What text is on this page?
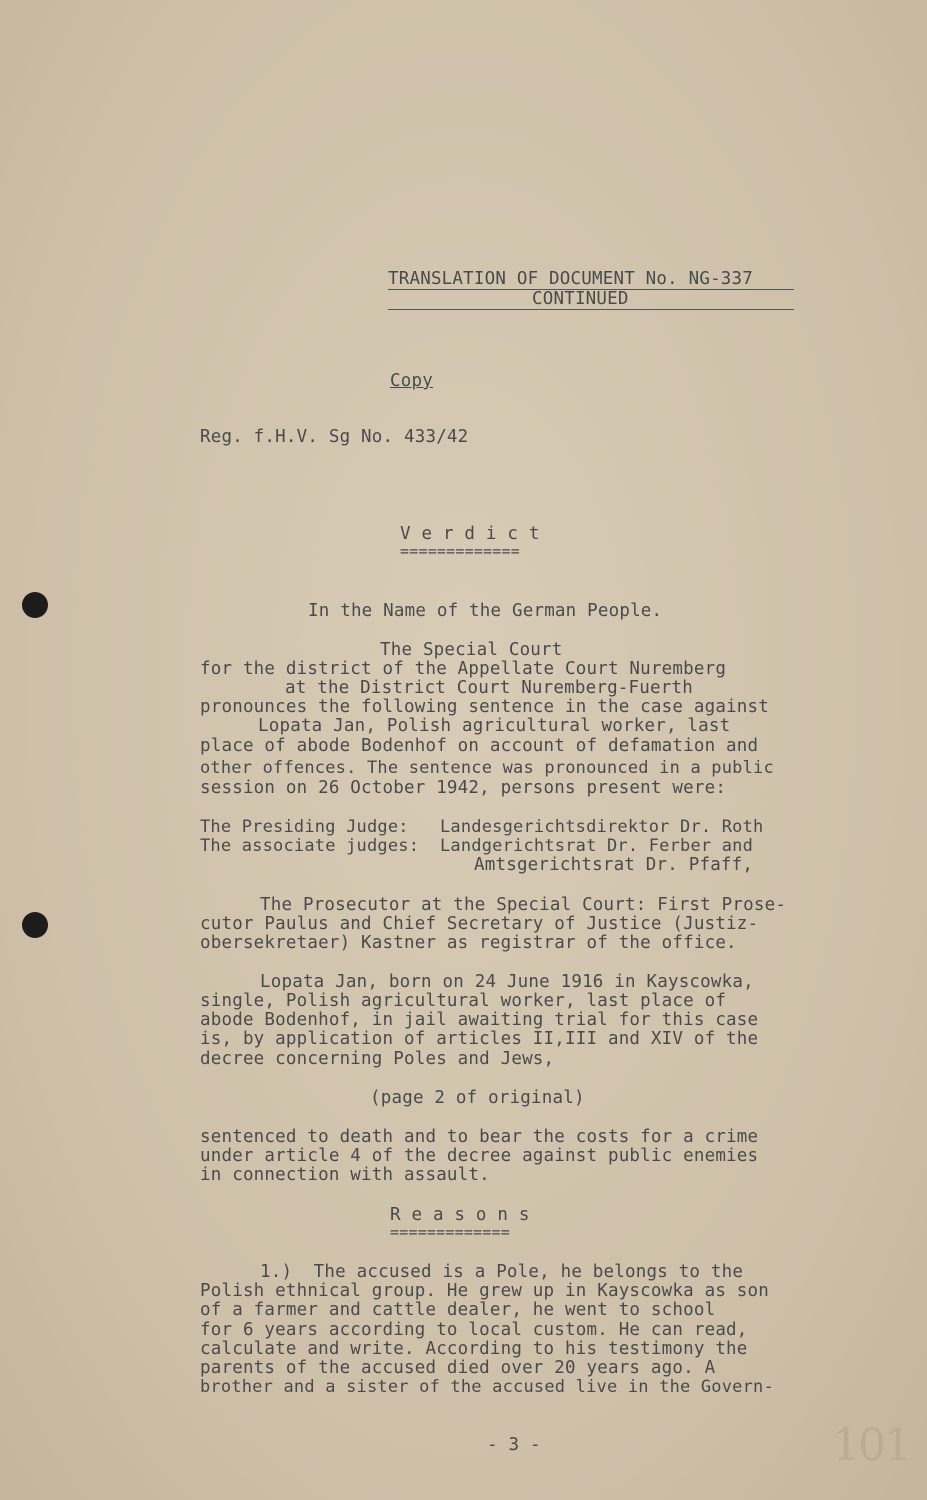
TRANSLATION OF DOCUMENT No. NG-337
CONTINUED
Copy
Reg. f.H.V. Sg No. 433/42
V e r d i c t
=============
In the Name of the German People.
The Special Court
for the district of the Appellate Court Nuremberg
at the District Court Nuremberg-Fuerth
pronounces the following sentence in the case against
Lopata Jan, Polish agricultural worker, last
place of abode Bodenhof on account of defamation and
other offences. The sentence was pronounced in a public
session on 26 October 1942, persons present were:
The Presiding Judge:   Landesgerichtsdirektor Dr. Roth
The associate judges:  Landgerichtsrat Dr. Ferber and
Amtsgerichtsrat Dr. Pfaff,
The Prosecutor at the Special Court: First Prose-
cutor Paulus and Chief Secretary of Justice (Justiz-
obersekretaer) Kastner as registrar of the office.
Lopata Jan, born on 24 June 1916 in Kayscowka,
single, Polish agricultural worker, last place of
abode Bodenhof, in jail awaiting trial for this case
is, by application of articles II,III and XIV of the
decree concerning Poles and Jews,
(page 2 of original)
sentenced to death and to bear the costs for a crime
under article 4 of the decree against public enemies
in connection with assault.
R e a s o n s
=============
1.)  The accused is a Pole, he belongs to the
Polish ethnical group. He grew up in Kayscowka as son
of a farmer and cattle dealer, he went to school
for 6 years according to local custom. He can read,
calculate and write. According to his testimony the
parents of the accused died over 20 years ago. A
brother and a sister of the accused live in the Govern-
- 3 -	101
